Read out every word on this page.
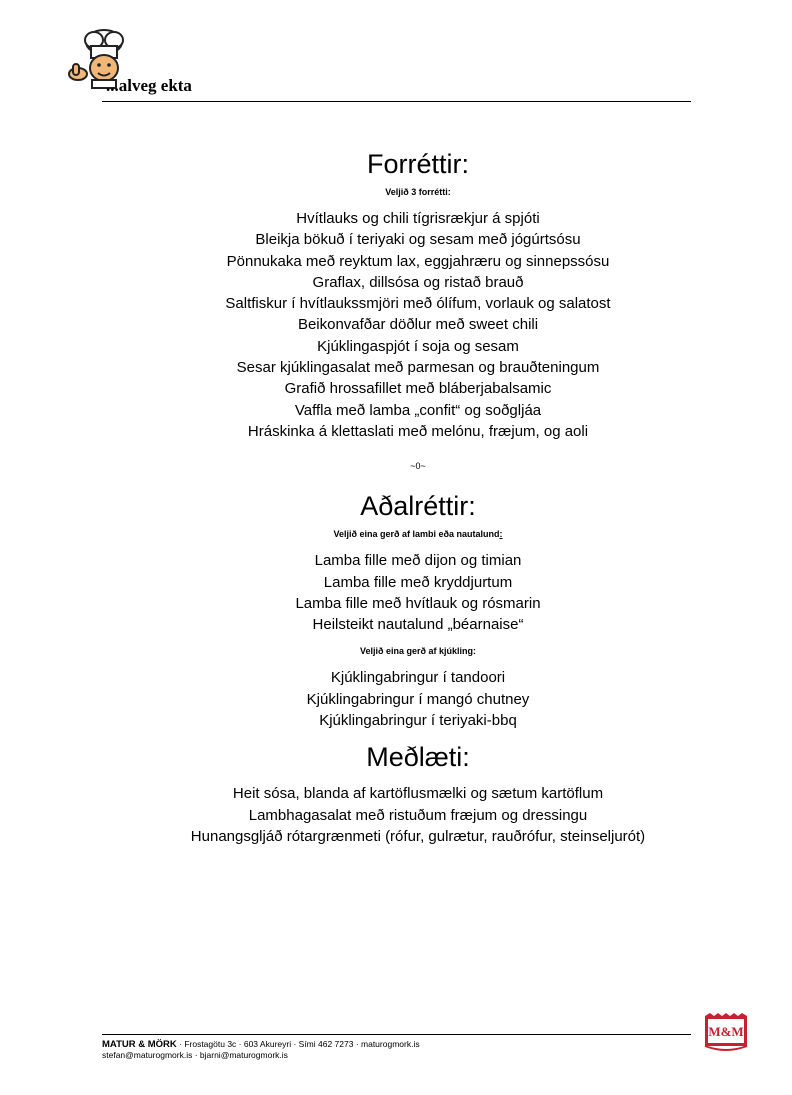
...alveg ekta
Forréttir:

Veljið 3 forrétti:

Hvítlauks og chili tígrisrækjur á spjóti
Bleikja bökuð í teriyaki og sesam með jógúrtsósu
Pönnukaka með reyktum lax, eggjahræru og sinnepssósu
Graflax, dillsósa og ristað brauð
Saltfiskur í hvítlaukssmjöri með ólífum, vorlauk og salatost
Beikonvafðar döðlur með sweet chili
Kjúklingaspjót í soja og sesam
Sesar kjúklingasalat með parmesan og brauðteningum
Grafið hrossafillet með bláberjabalsamic
Vaffla með lamba „confit“ og soðgljáa
Hráskinka á klettaslati með melónu, fræjum, og aoli
~0~
Aðalréttir:

Veljið eina gerð af lambi eða nautalund:

Lamba fille með dijon og timian
Lamba fille með kryddjurtum
Lamba fille með hvítlauk og rósmarin
Heilsteikt nautalund „béarnaise“

Veljið eina gerð af kjúkling:

Kjúklingabringur í tandoori
Kjúklingabringur í mangó chutney
Kjúklingabringur í teriyaki-bbq
Meðlæti:
Heit sósa, blanda af kartöflusmælki og sætum kartöflum
Lambhagasalat með ristuðum fræjum og dressingu
Hunangsgljáð rótargrænmeti (rófur, gulrætur, rauðrófur, steinseljurót)
MATUR & MÖRK · Frostagötu 3c · 603 Akureyri · Sími 462 7273 · maturogmork.is
stefan@maturogmork.is · bjarni@maturogmork.is
M&M
